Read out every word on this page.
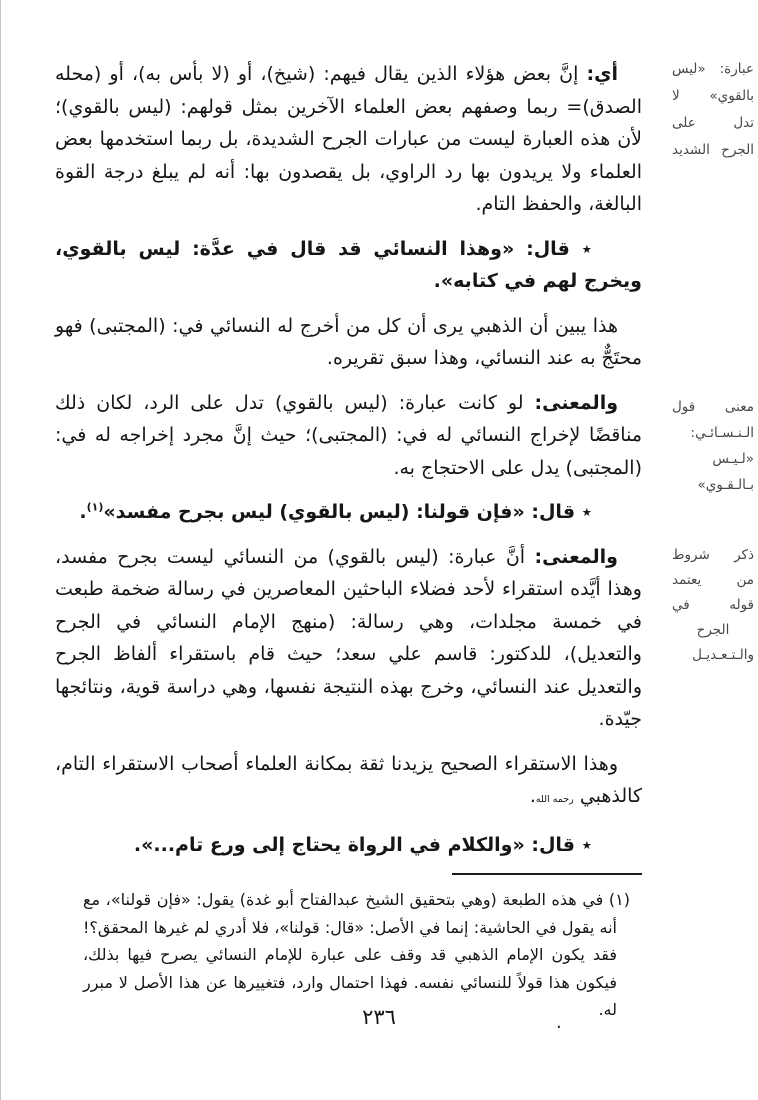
أي: إنَّ بعض هؤلاء الذين يقال فيهم: (شيخ)، أو (لا بأس به)، أو (محله الصدق)= ربما وصفهم بعض العلماء الآخرين بمثل قولهم: (ليس بالقوي)؛ لأن هذه العبارة ليست من عبارات الجرح الشديدة، بل ربما استخدمها بعض العلماء ولا يريدون بها رد الراوي، بل يقصدون بها: أنه لم يبلغ درجة القوة البالغة، والحفظ التام.

٭ قال: «وهذا النسائي قد قال في عدَّة: ليس بالقوي، ويخرج لهم في كتابه».

هذا يبين أن الذهبي يرى أن كل من أخرج له النسائي في: (المجتبى) فهو محتَجٌّ به عند النسائي، وهذا سبق تقريره.

والمعنى: لو كانت عبارة: (ليس بالقوي) تدل على الرد، لكان ذلك مناقضًا لإخراج النسائي له في: (المجتبى)؛ حيث إنَّ مجرد إخراجه له في: (المجتبى) يدل على الاحتجاج به.

٭ قال: «فإن قولنا: (ليس بالقوي) ليس بجرح مفسد»$^{(١)}$.

والمعنى: أنَّ عبارة: (ليس بالقوي) من النسائي ليست بجرح مفسد، وهذا أيَّده استقراء لأحد فضلاء الباحثين المعاصرين في رسالة ضخمة طبعت في خمسة مجلدات، وهي رسالة: (منهج الإمام النسائي في الجرح والتعديل)، للدكتور: قاسم علي سعد؛ حيث قام باستقراء ألفاظ الجرح والتعديل عند النسائي، وخرج بهذه النتيجة نفسها، وهي دراسة قوية، ونتائجها جيّدة.

وهذا الاستقراء الصحيح يزيدنا ثقة بمكانة العلماء أصحاب الاستقراء التام، كالذهبي رحمه الله.

٭ قال: «والكلام في الرواة يحتاج إلى ورع تام...».

(١) في هذه الطبعة (وهي بتحقيق الشيخ عبدالفتاح أبو غدة) يقول: «فإن قولنا»، مع أنه يقول في الحاشية: إنما في الأصل: «قال: قولنا»، فلا أدري لم غيرها المحقق؟! فقد يكون الإمام الذهبي قد وقف على عبارة للإمام النسائي يصرح فيها بذلك، فيكون هذا قولاً للنسائي نفسه. فهذا احتمال وارد، فتغييرها عن هذا الأصل لا مبرر له.

عبارة: «ليس
بالقوي» لا
تدل على
الجرح الشديد
معنى قول
الـنـسـائـي:
«لـيـس
بـالـقـوي»
ذكر شروط
من يعتمد
قوله في
الجرح
والـتـعـديـل
٢٣٦	.
